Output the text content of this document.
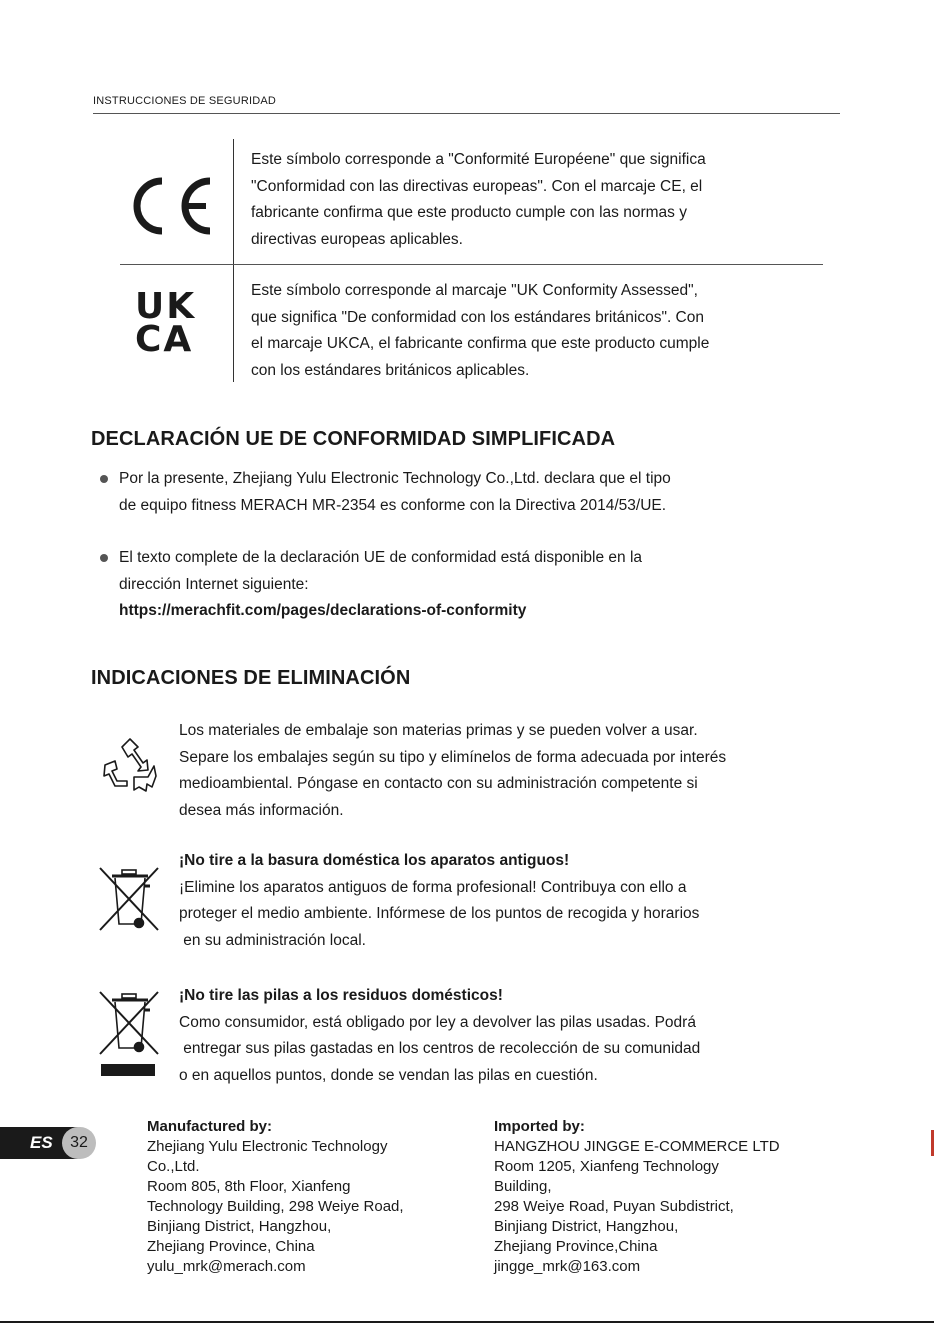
INSTRUCCIONES DE SEGURIDAD
Este símbolo corresponde a "Conformité Européene" que significa
"Conformidad con las directivas europeas". Con el marcaje CE, el
fabricante confirma que este producto cumple con las normas y
directivas europeas aplicables.
UK
CA
Este símbolo corresponde al marcaje "UK Conformity Assessed",
que significa "De conformidad con los estándares británicos". Con
el marcaje UKCA, el fabricante confirma que este producto cumple
con los estándares británicos aplicables.
DECLARACIÓN UE DE CONFORMIDAD SIMPLIFICADA
Por la presente, Zhejiang Yulu Electronic Technology Co.,Ltd. declara que el tipo
de equipo fitness MERACH MR-2354 es conforme con la Directiva 2014/53/UE.
El texto complete de la declaración UE de conformidad está disponible en la
dirección Internet siguiente:
https://merachfit.com/pages/declarations-of-conformity
INDICACIONES DE ELIMINACIÓN
Los materiales de embalaje son materias primas y se pueden volver a usar.
Separe los embalajes según su tipo y elimínelos de forma adecuada por interés
medioambiental. Póngase en contacto con su administración competente si
desea más información.
¡No tire a la basura doméstica los aparatos antiguos!
¡Elimine los aparatos antiguos de forma profesional! Contribuya con ello a
proteger el medio ambiente. Infórmese de los puntos de recogida y horarios
en su administración local.
¡No tire las pilas a los residuos domésticos!
Como consumidor, está obligado por ley a devolver las pilas usadas. Podrá
entregar sus pilas gastadas en los centros de recolección de su comunidad
o en aquellos puntos, donde se vendan las pilas en cuestión.
Manufactured by:
Zhejiang Yulu Electronic Technology
Co.,Ltd.
Room 805, 8th Floor, Xianfeng
Technology Building, 298 Weiye Road,
Binjiang District, Hangzhou,
Zhejiang Province, China
yulu_mrk@merach.com
Imported by:
HANGZHOU JINGGE E-COMMERCE LTD
Room 1205, Xianfeng Technology
Building,
298 Weiye Road, Puyan Subdistrict,
Binjiang District, Hangzhou,
Zhejiang Province,China
jingge_mrk@163.com
ES	32
